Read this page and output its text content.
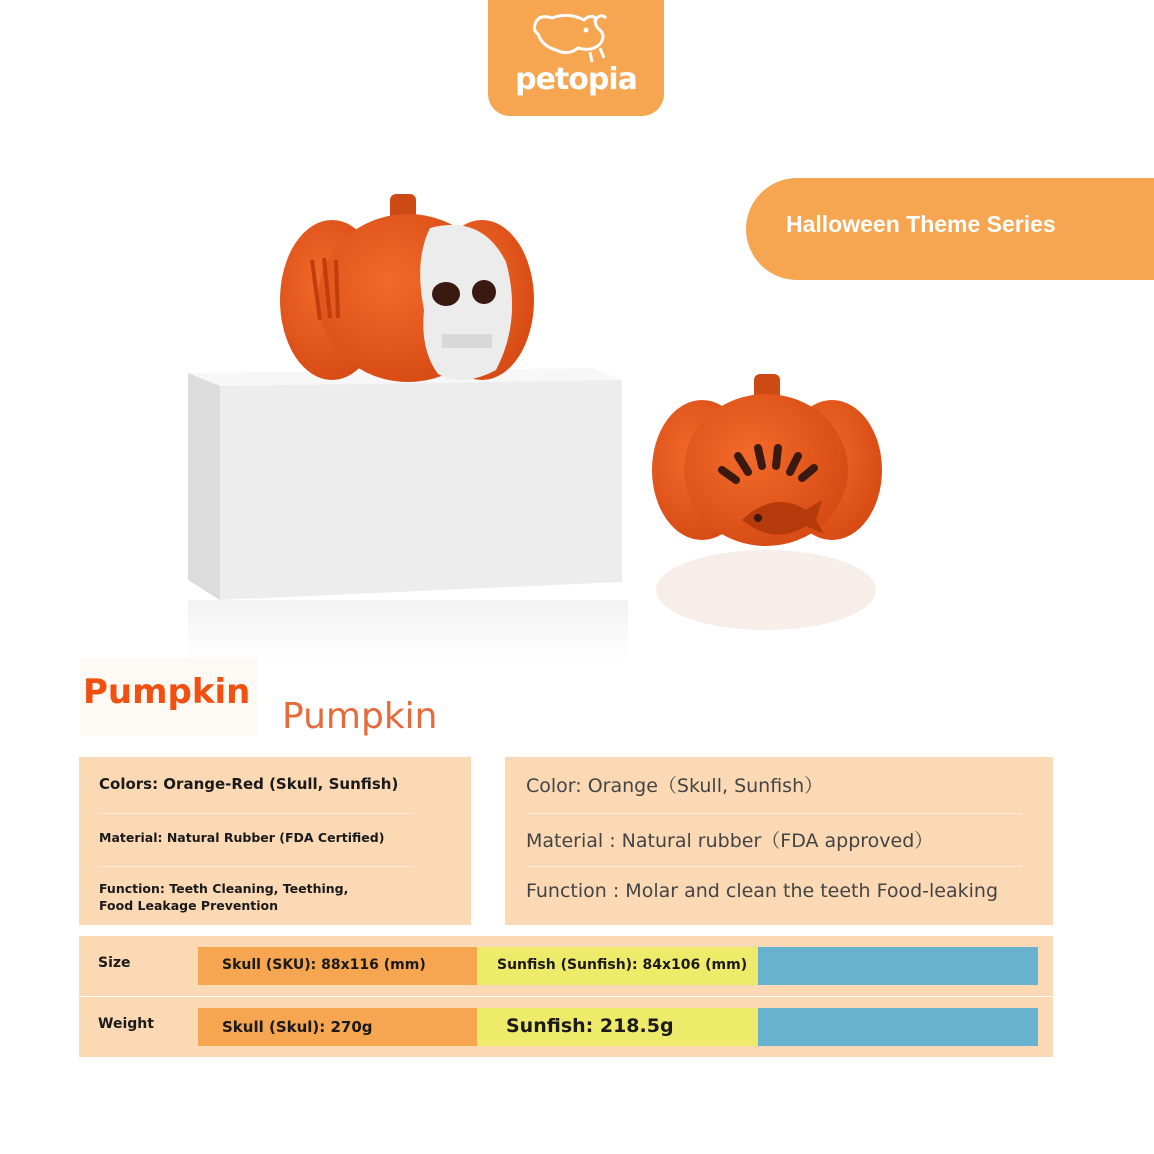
petopia
Halloween Theme Series
Pumpkin
Pumpkin
Colors: Orange-Red (Skull, Sunfish)
Material: Natural Rubber (FDA Certified)
Function: Teeth Cleaning, Teething,
Food Leakage Prevention
Color: Orange（Skull, Sunfish）
Material : Natural rubber（FDA approved）
Function : Molar and clean the teeth Food-leaking
Size	Skull (SKU): 88x116 (mm)	Sunfish (Sunfish): 84x106 (mm)
Weight	Skull (Skul): 270g	Sunfish: 218.5g
